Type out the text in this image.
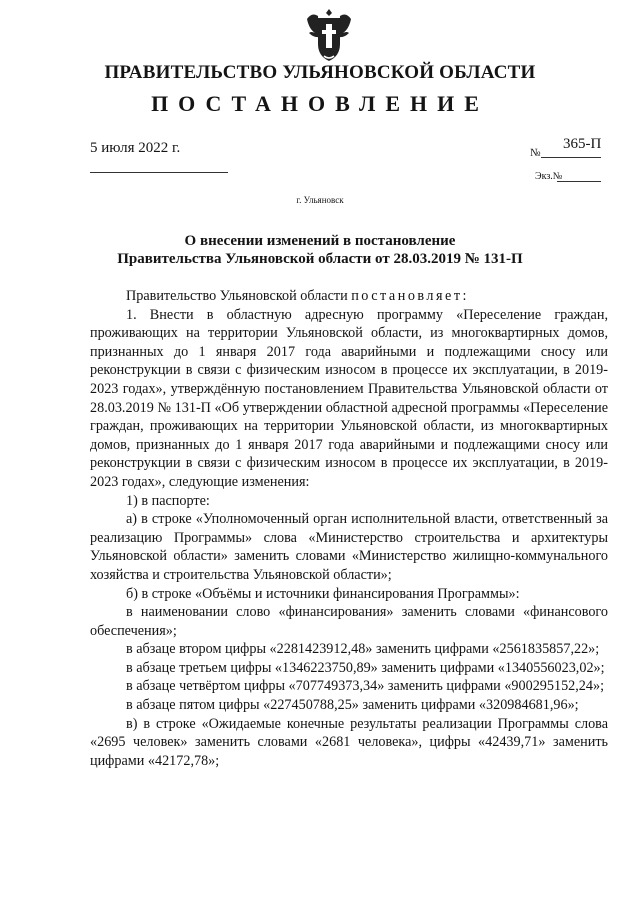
ПРАВИТЕЛЬСТВО УЛЬЯНОВСКОЙ ОБЛАСТИ
ПОСТАНОВЛЕНИЕ
5 июля 2022 г.	№
365-П
Экз.№
г. Ульяновск
О внесении изменений в постановление
Правительства Ульяновской области от 28.03.2019 № 131-П

Правительство Ульяновской области постановляет:

1. Внести в областную адресную программу «Переселение граждан, проживающих на территории Ульяновской области, из многоквартирных домов, признанных до 1 января 2017 года аварийными и подлежащими сносу или реконструкции в связи с физическим износом в процессе их эксплуатации, в 2019-2023 годах», утверждённую постановлением Правительства Ульяновской области от 28.03.2019 № 131-П «Об утверждении областной адресной программы «Переселение граждан, проживающих на территории Ульяновской области, из многоквартирных домов, признанных до 1 января 2017 года аварийными и подлежащими сносу или реконструкции в связи с физическим износом в процессе их эксплуатации, в 2019-2023 годах», следующие изменения:

1) в паспорте:

а) в строке «Уполномоченный орган исполнительной власти, ответственный за реализацию Программы» слова «Министерство строительства и архитектуры Ульяновской области» заменить словами «Министерство жилищно-коммунального хозяйства и строительства Ульяновской области»;

б) в строке «Объёмы и источники финансирования Программы»:

в наименовании слово «финансирования» заменить словами «финансового обеспечения»;

в абзаце втором цифры «2281423912,48» заменить цифрами «2561835857,22»;

в абзаце третьем цифры «1346223750,89» заменить цифрами «1340556023,02»;

в абзаце четвёртом цифры «707749373,34» заменить цифрами «900295152,24»;

в абзаце пятом цифры «227450788,25» заменить цифрами «320984681,96»;

в) в строке «Ожидаемые конечные результаты реализации Программы слова «2695 человек» заменить словами «2681 человека», цифры «42439,71» заменить цифрами «42172,78»;
